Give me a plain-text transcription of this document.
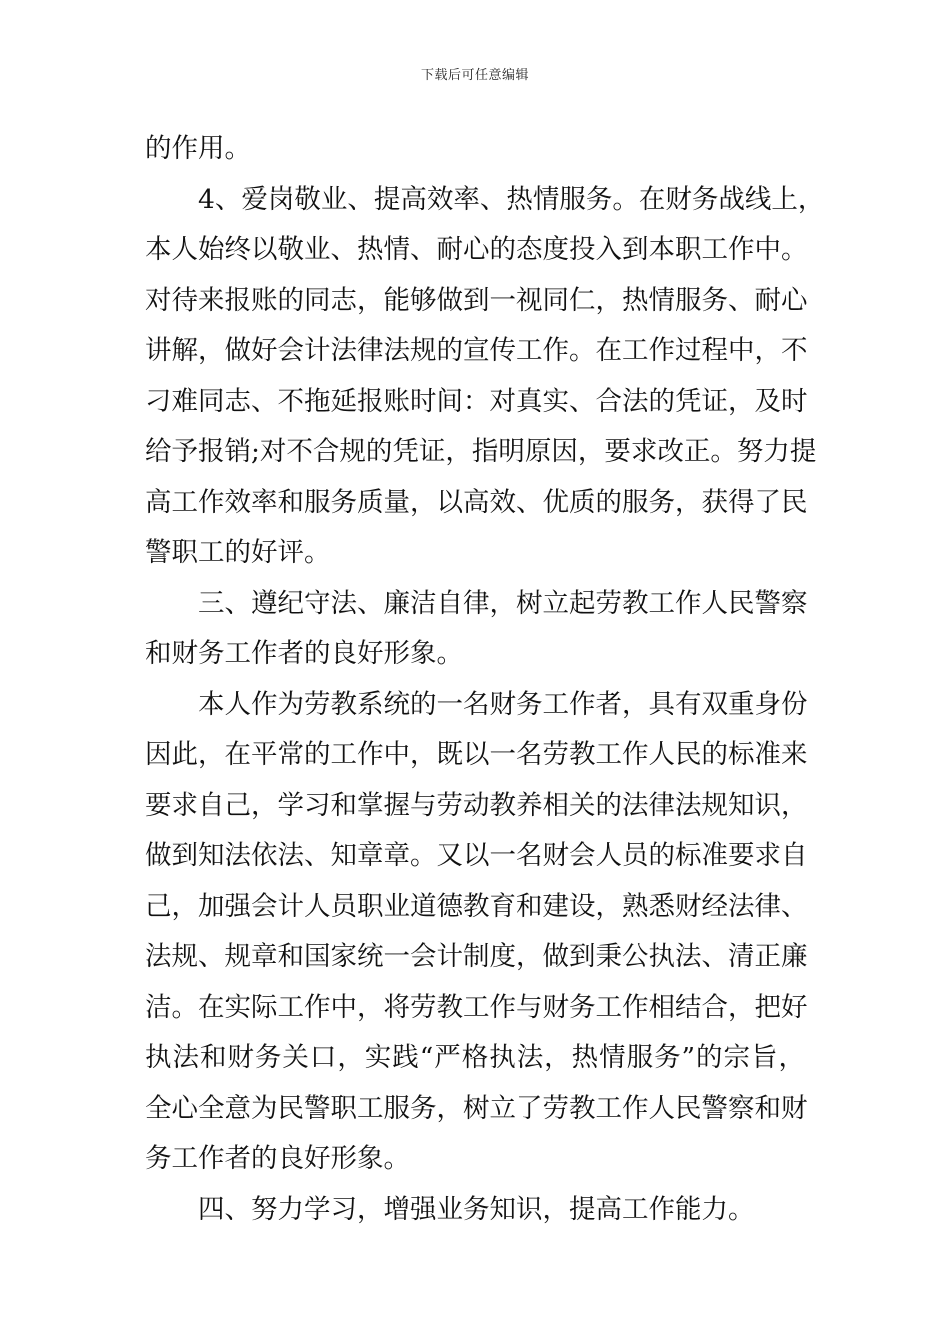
下载后可任意编辑
的作用。
4、爱岗敬业、提高效率、热情服务。在财务战线上，
本人始终以敬业、热情、耐心的态度投入到本职工作中。
对待来报账的同志，能够做到一视同仁，热情服务、耐心
讲解，做好会计法律法规的宣传工作。在工作过程中，不
刁难同志、不拖延报账时间：对真实、合法的凭证，及时
给予报销;对不合规的凭证，指明原因，要求改正。努力提
高工作效率和服务质量，以高效、优质的服务，获得了民
警职工的好评。
三、遵纪守法、廉洁自律，树立起劳教工作人民警察
和财务工作者的良好形象。
本人作为劳教系统的一名财务工作者，具有双重身份
因此，在平常的工作中，既以一名劳教工作人民的标准来
要求自己，学习和掌握与劳动教养相关的法律法规知识，
做到知法依法、知章章。又以一名财会人员的标准要求自
己，加强会计人员职业道德教育和建设，熟悉财经法律、
法规、规章和国家统一会计制度，做到秉公执法、清正廉
洁。在实际工作中，将劳教工作与财务工作相结合，把好
执法和财务关口，实践“严格执法，热情服务”的宗旨，
全心全意为民警职工服务，树立了劳教工作人民警察和财
务工作者的良好形象。
四、努力学习，增强业务知识，提高工作能力。
